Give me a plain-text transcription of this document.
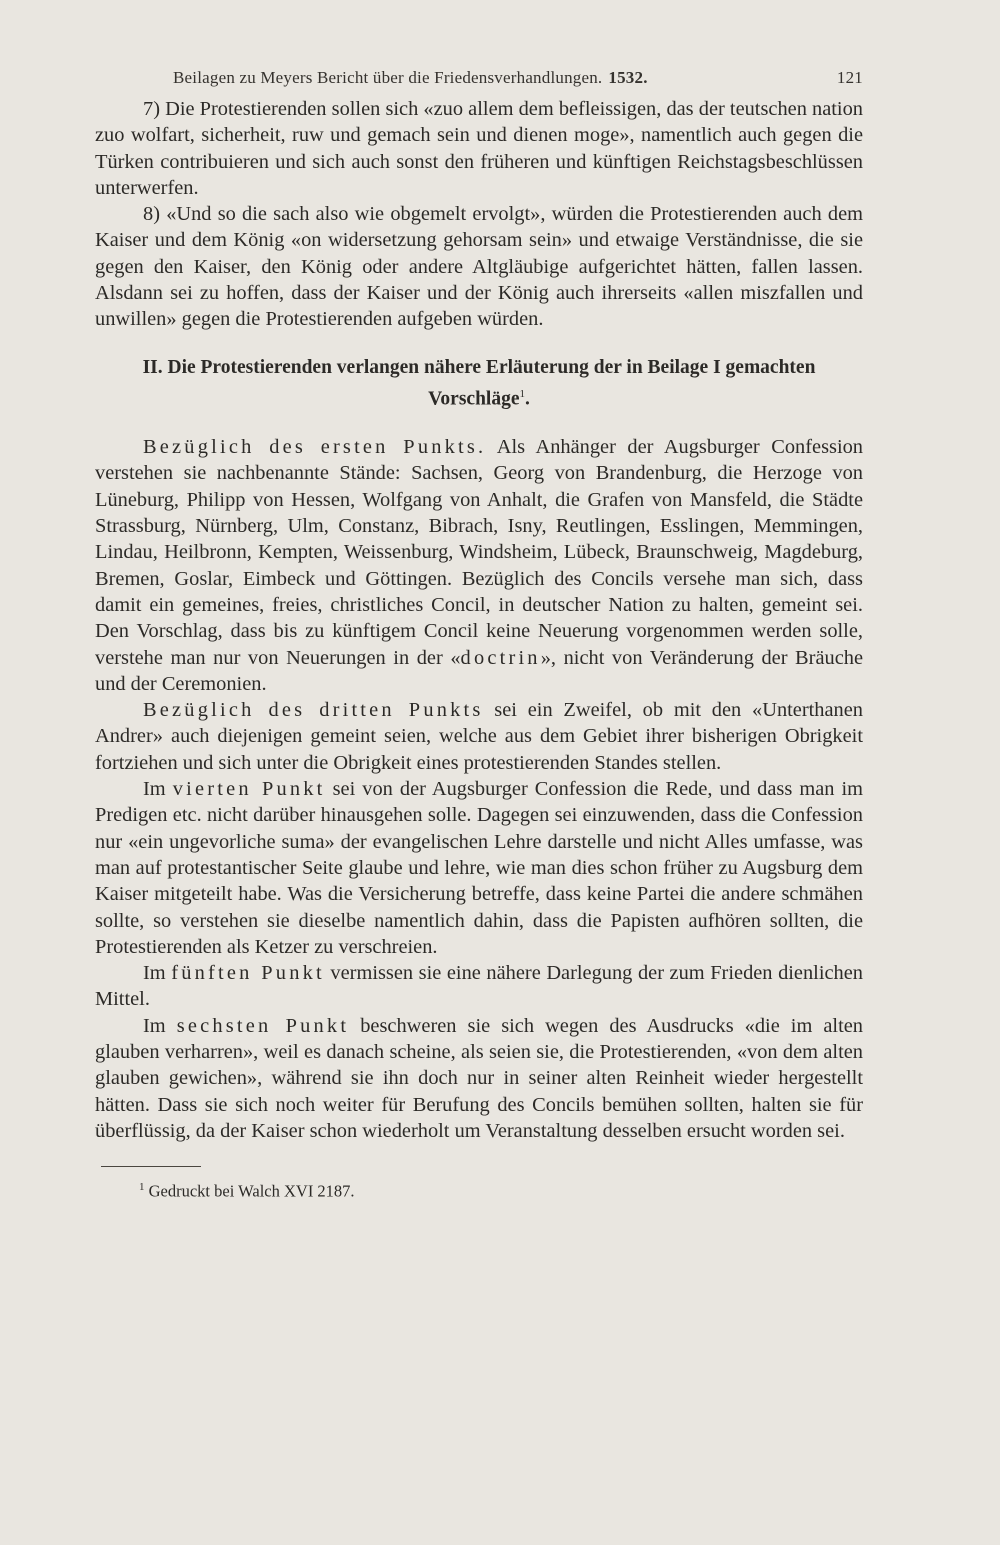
Beilagen zu Meyers Bericht über die Friedensverhandlungen. 1532.	121

7) Die Protestierenden sollen sich «zuo allem dem befleissigen, das der teutschen nation zuo wolfart, sicherheit, ruw und gemach sein und dienen moge», namentlich auch gegen die Türken contribuieren und sich auch sonst den früheren und künftigen Reichstagsbeschlüssen unterwerfen.

8) «Und so die sach also wie obgemelt ervolgt», würden die Protestierenden auch dem Kaiser und dem König «on widersetzung gehorsam sein» und etwaige Verständnisse, die sie gegen den Kaiser, den König oder andere Altgläubige aufgerichtet hätten, fallen lassen. Alsdann sei zu hoffen, dass der Kaiser und der König auch ihrerseits «allen miszfallen und unwillen» gegen die Protestierenden aufgeben würden.

II. Die Protestierenden verlangen nähere Erläuterung der in Beilage I gemachten Vorschläge$^1$.

Bezüglich des ersten Punkts. Als Anhänger der Augsburger Confession verstehen sie nachbenannte Stände: Sachsen, Georg von Brandenburg, die Herzoge von Lüneburg, Philipp von Hessen, Wolfgang von Anhalt, die Grafen von Mansfeld, die Städte Strassburg, Nürnberg, Ulm, Constanz, Bibrach, Isny, Reutlingen, Esslingen, Memmingen, Lindau, Heilbronn, Kempten, Weissenburg, Windsheim, Lübeck, Braunschweig, Magdeburg, Bremen, Goslar, Eimbeck und Göttingen. Bezüglich des Concils versehe man sich, dass damit ein gemeines, freies, christliches Concil, in deutscher Nation zu halten, gemeint sei. Den Vorschlag, dass bis zu künftigem Concil keine Neuerung vorgenommen werden solle, verstehe man nur von Neuerungen in der «doctrin», nicht von Veränderung der Bräuche und der Ceremonien.

Bezüglich des dritten Punkts sei ein Zweifel, ob mit den «Unterthanen Andrer» auch diejenigen gemeint seien, welche aus dem Gebiet ihrer bisherigen Obrigkeit fortziehen und sich unter die Obrigkeit eines protestierenden Standes stellen.

Im vierten Punkt sei von der Augsburger Confession die Rede, und dass man im Predigen etc. nicht darüber hinausgehen solle. Dagegen sei einzuwenden, dass die Confession nur «ein ungevorliche suma» der evangelischen Lehre darstelle und nicht Alles umfasse, was man auf protestantischer Seite glaube und lehre, wie man dies schon früher zu Augsburg dem Kaiser mitgeteilt habe. Was die Versicherung betreffe, dass keine Partei die andere schmähen sollte, so verstehen sie dieselbe namentlich dahin, dass die Papisten aufhören sollten, die Protestierenden als Ketzer zu verschreien.

Im fünften Punkt vermissen sie eine nähere Darlegung der zum Frieden dienlichen Mittel.

Im sechsten Punkt beschweren sie sich wegen des Ausdrucks «die im alten glauben verharren», weil es danach scheine, als seien sie, die Protestierenden, «von dem alten glauben gewichen», während sie ihn doch nur in seiner alten Reinheit wieder hergestellt hätten. Dass sie sich noch weiter für Berufung des Concils bemühen sollten, halten sie für überflüssig, da der Kaiser schon wiederholt um Veranstaltung desselben ersucht worden sei.

$^1$ Gedruckt bei Walch XVI 2187.
